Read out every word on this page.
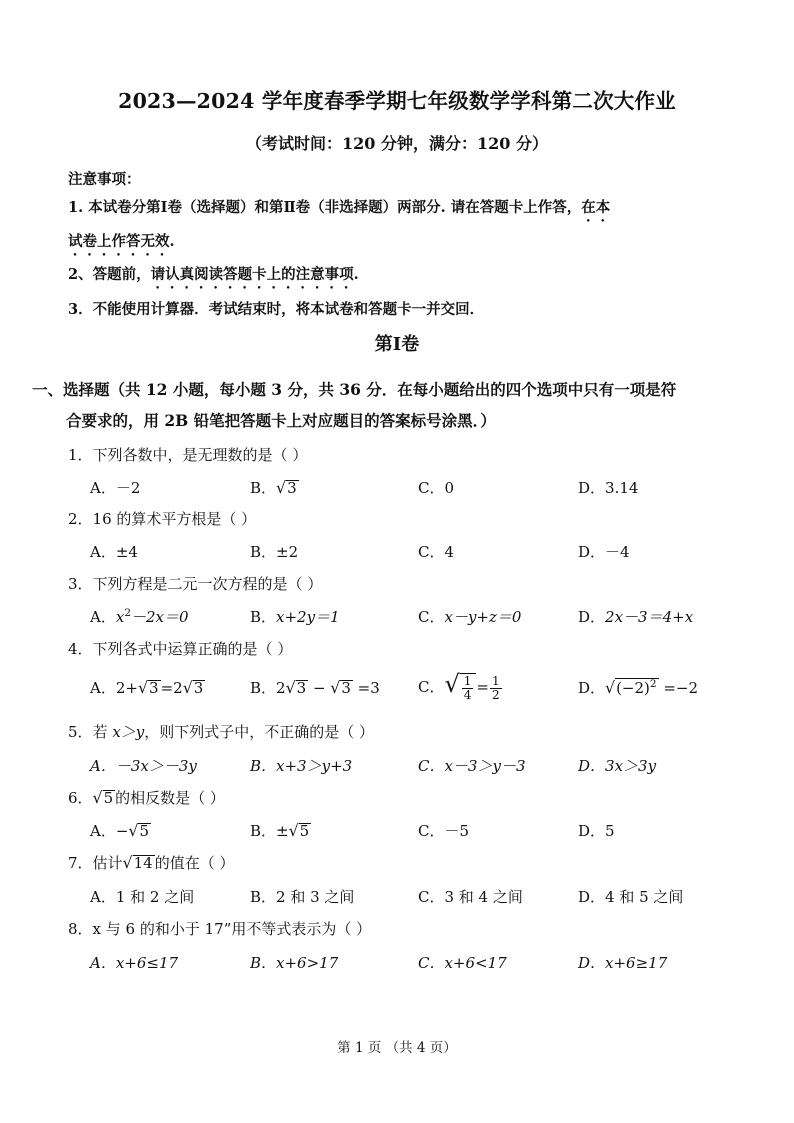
2023—2024 学年度春季学期七年级数学学科第二次大作业
（考试时间：120 分钟，满分：120 分）
注意事项：
1. 本试卷分第Ⅰ卷（选择题）和第Ⅱ卷（非选择题）两部分. 请在答题卡上作答，在本
试卷上作答无效.
2、答题前，请认真阅读答题卡上的注意事项.
3．不能使用计算器．考试结束时，将本试卷和答题卡一并交回．
第Ⅰ卷
一、选择题（共 12 小题，每小题 3 分，共 36 分．在每小题给出的四个选项中只有一项是符
合要求的，用 2B 铅笔把答题卡上对应题目的答案标号涂黑．）
1．下列各数中，是无理数的是（ ）
A．－2	B．√3	C．0	D．3.14
2．16 的算术平方根是（ ）
A．±4	B．±2	C．4	D．－4
3．下列方程是二元一次方程的是（ ）
A．$x^2-2x=0$	B．x+2y＝1	C．x－y+z＝0	D．2x－3＝4+x
4．下列各式中运算正确的是（ ）
A．2+√3 =2√3	B．2√3 − √3 =3	C．√ $\frac{1}{4} = \frac{1}{2}$	D．$√(-2)^2 =-2$
5．若 x＞y，则下列式子中，不正确的是（ ）
A．－3x＞－3y	B．x+3＞y+3	C．x－3＞y－3	D．3x＞3y
6．√5 的相反数是（ ）
A．−√5	B．±√5	C．－5	D．5
7．估计√14 的值在（ ）
A．1 和 2 之间	B．2 和 3 之间	C．3 和 4 之间	D．4 和 5 之间
8．x 与 6 的和小于 17”用不等式表示为（ ）
A．x+6≤17	B．x+6>17	C．x+6<17	D．x+6≥17
第 1 页 （共 4 页）
